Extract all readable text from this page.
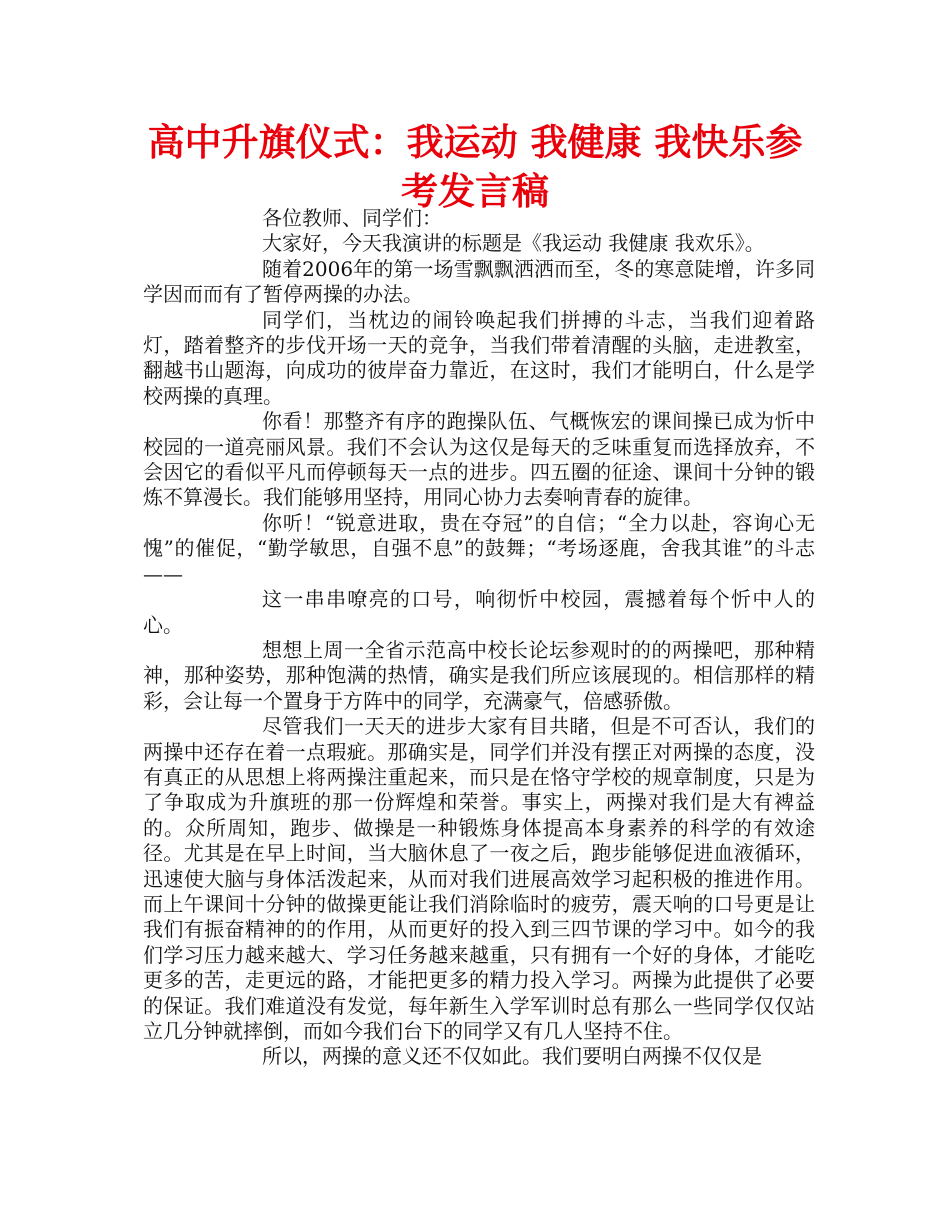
高中升旗仪式：我运动 我健康 我快乐参考发言稿

各位教师、同学们：

大家好，今天我演讲的标题是《我运动 我健康 我欢乐》。

随着2006年的第一场雪飘飘洒洒而至，冬的寒意陡增，许多同学因而而有了暂停两操的办法。

同学们，当枕边的闹铃唤起我们拼搏的斗志，当我们迎着路灯，踏着整齐的步伐开场一天的竞争，当我们带着清醒的头脑，走进教室，翻越书山题海，向成功的彼岸奋力靠近，在这时，我们才能明白，什么是学校两操的真理。

你看！那整齐有序的跑操队伍、气概恢宏的课间操已成为忻中校园的一道亮丽风景。我们不会认为这仅是每天的乏味重复而选择放弃，不会因它的看似平凡而停顿每天一点的进步。四五圈的征途、课间十分钟的锻炼不算漫长。我们能够用坚持，用同心协力去奏响青春的旋律。

你听！“锐意进取，贵在夺冠”的自信；“全力以赴，容询心无愧”的催促，“勤学敏思，自强不息”的鼓舞；“考场逐鹿，舍我其谁”的斗志——

这一串串嘹亮的口号，响彻忻中校园，震撼着每个忻中人的心。

想想上周一全省示范高中校长论坛参观时的的两操吧，那种精神，那种姿势，那种饱满的热情，确实是我们所应该展现的。相信那样的精彩，会让每一个置身于方阵中的同学，充满豪气，倍感骄傲。

尽管我们一天天的进步大家有目共睹，但是不可否认，我们的两操中还存在着一点瑕疵。那确实是，同学们并没有摆正对两操的态度，没有真正的从思想上将两操注重起来，而只是在恪守学校的规章制度，只是为了争取成为升旗班的那一份辉煌和荣誉。事实上，两操对我们是大有裨益的。众所周知，跑步、做操是一种锻炼身体提高本身素养的科学的有效途径。尤其是在早上时间，当大脑休息了一夜之后，跑步能够促进血液循环，迅速使大脑与身体活泼起来，从而对我们进展高效学习起积极的推进作用。而上午课间十分钟的做操更能让我们消除临时的疲劳，震天响的口号更是让我们有振奋精神的的作用，从而更好的投入到三四节课的学习中。如今的我们学习压力越来越大、学习任务越来越重，只有拥有一个好的身体，才能吃更多的苦，走更远的路，才能把更多的精力投入学习。两操为此提供了必要的保证。我们难道没有发觉，每年新生入学军训时总有那么一些同学仅仅站立几分钟就摔倒，而如今我们台下的同学又有几人坚持不住。

所以，两操的意义还不仅如此。我们要明白两操不仅仅是
